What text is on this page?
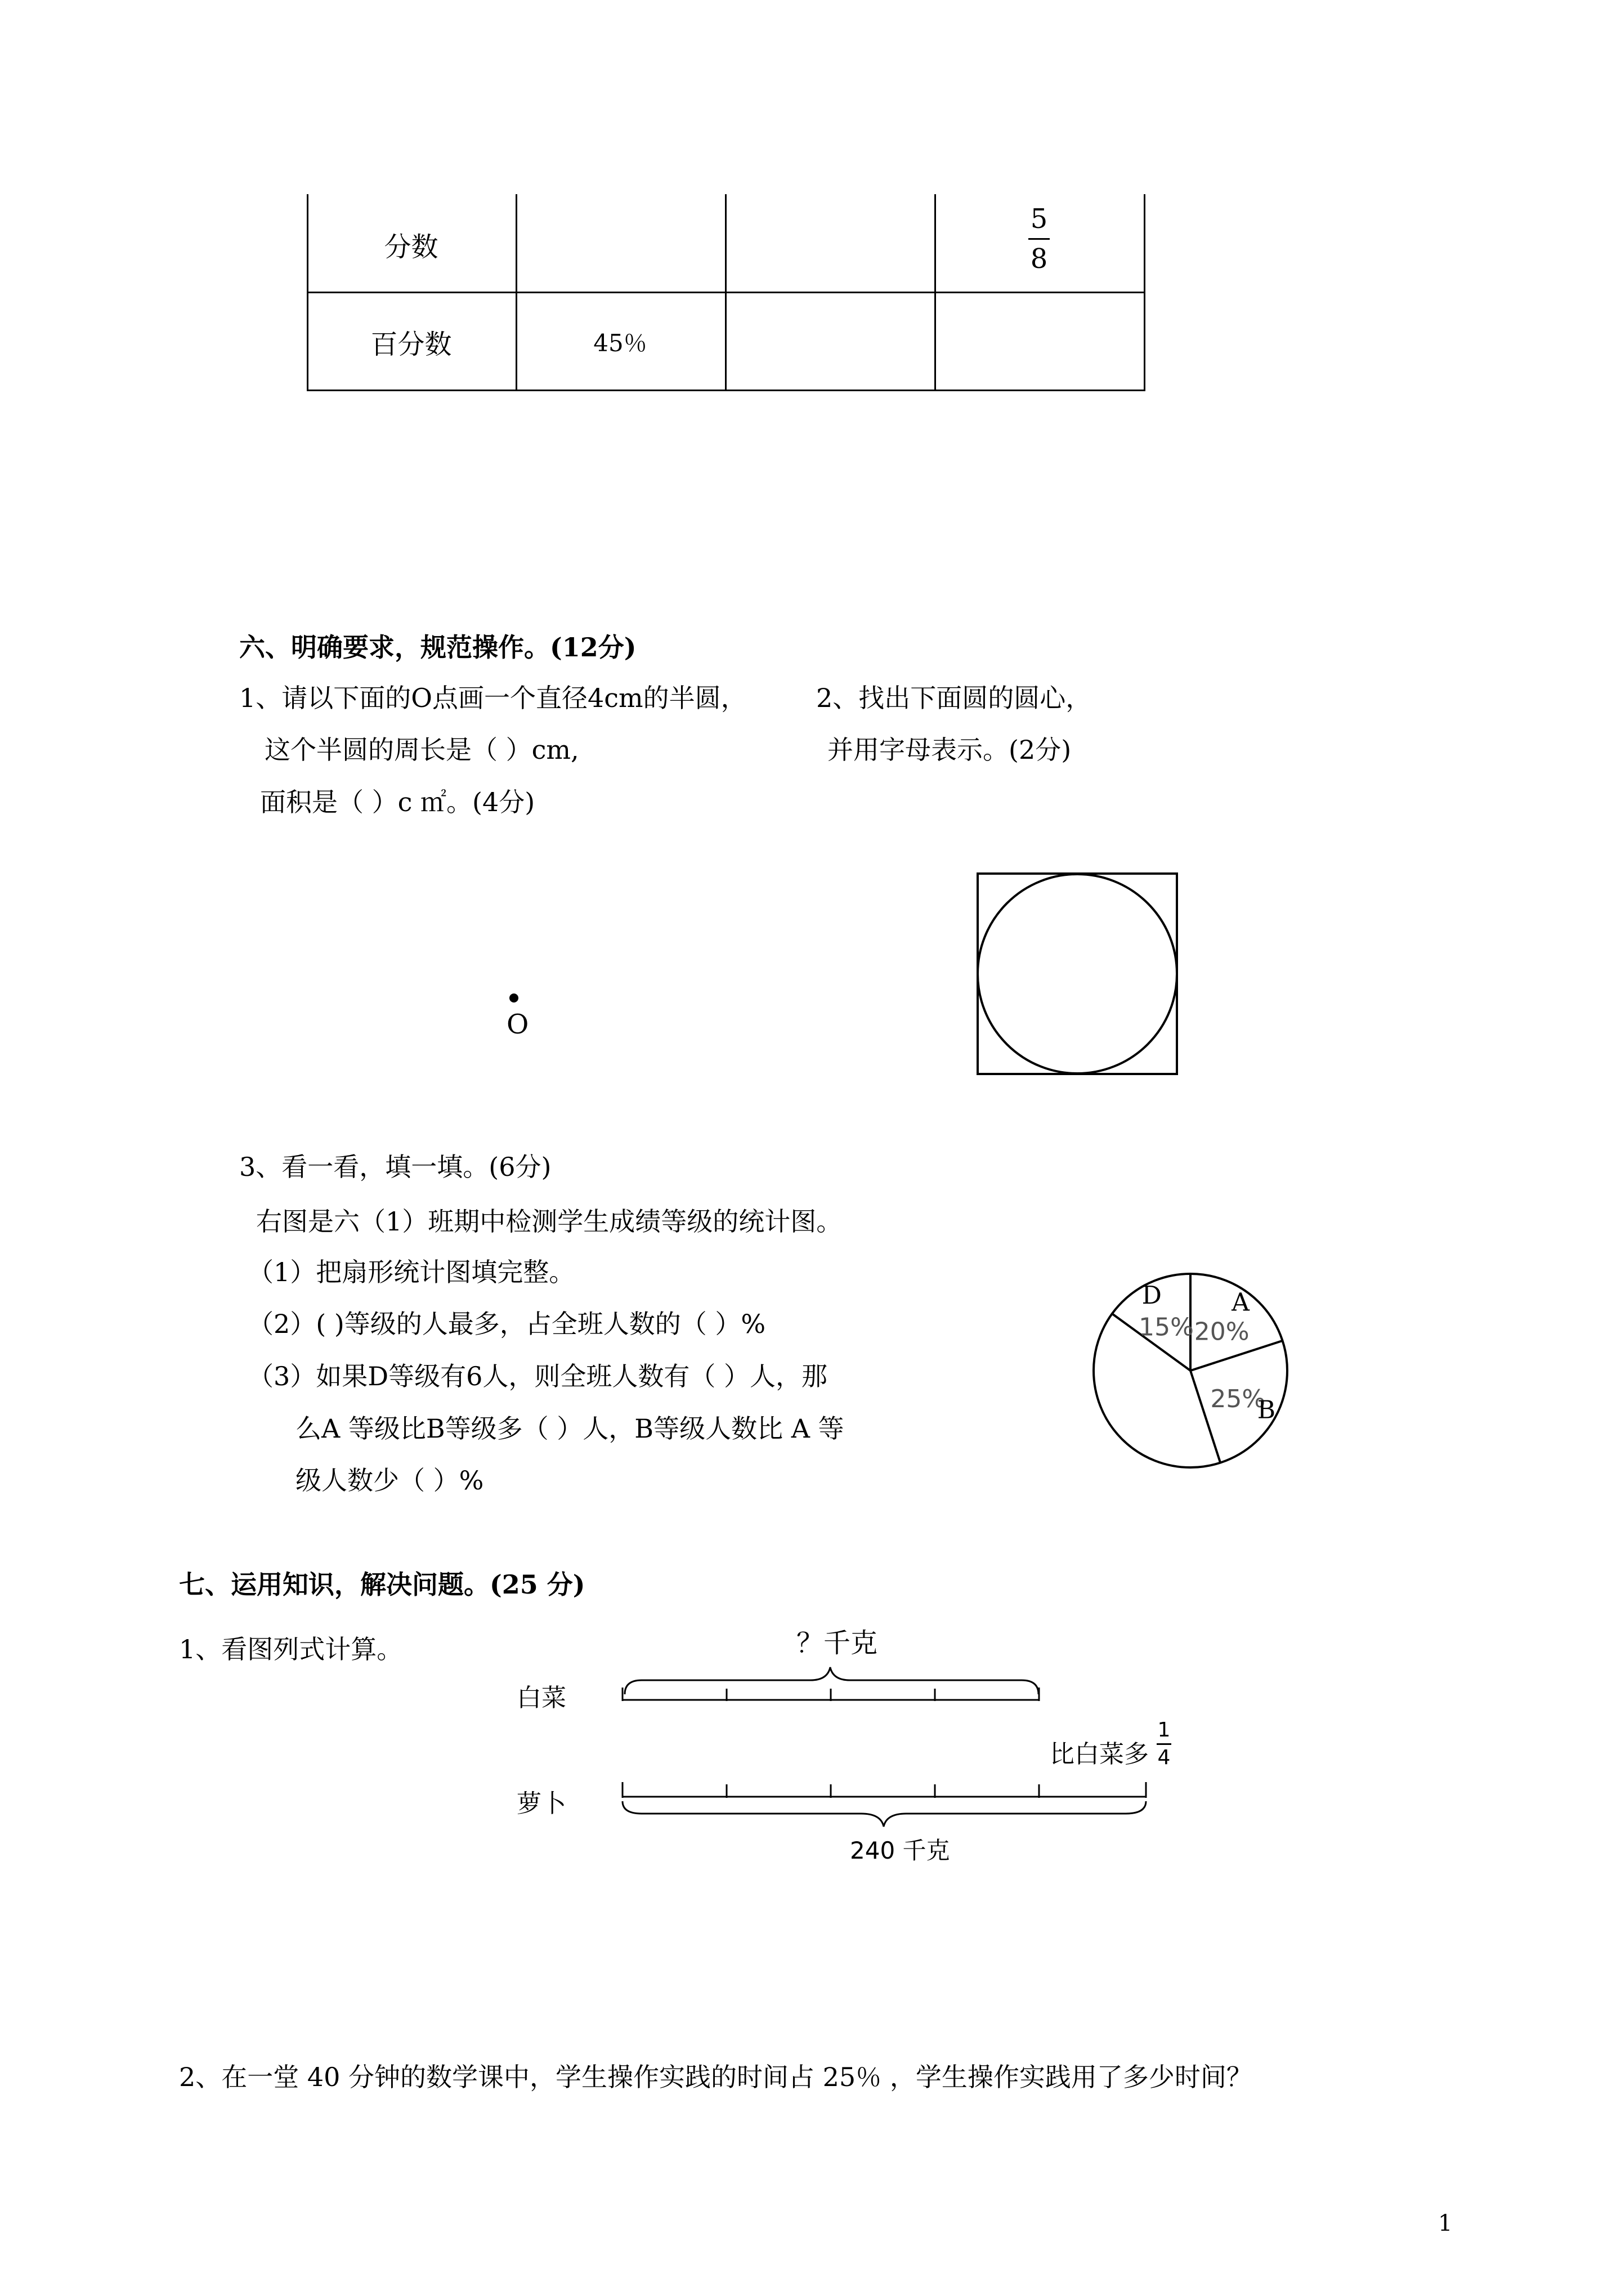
分数
5
8
百分数	45％
六、明确要求，规范操作。(12分)
1、请以下面的O点画一个直径4cm的半圆，
这个半圆的周长是（ ）cm,
面积是（ ）c ㎡。(4分)
2、找出下面圆的圆心，
并用字母表示。(2分)
O
3、看一看，填一填。(6分)
右图是六（1）班期中检测学生成绩等级的统计图。
（1）把扇形统计图填完整。
（2）( )等级的人最多，占全班人数的（ ）%
（3）如果D等级有6人，则全班人数有（ ）人，那
么A 等级比B等级多（ ）人，B等级人数比 A 等
级人数少（ ）%
20%
A
25%
B
15%
D
七、运用知识，解决问题。(25 分)
1、看图列式计算。	？千克
白菜
萝卜
比白菜多
1
4
240 千克
2、在一堂 40 分钟的数学课中，学生操作实践的时间占 25％ ，学生操作实践用了多少时间？
1
